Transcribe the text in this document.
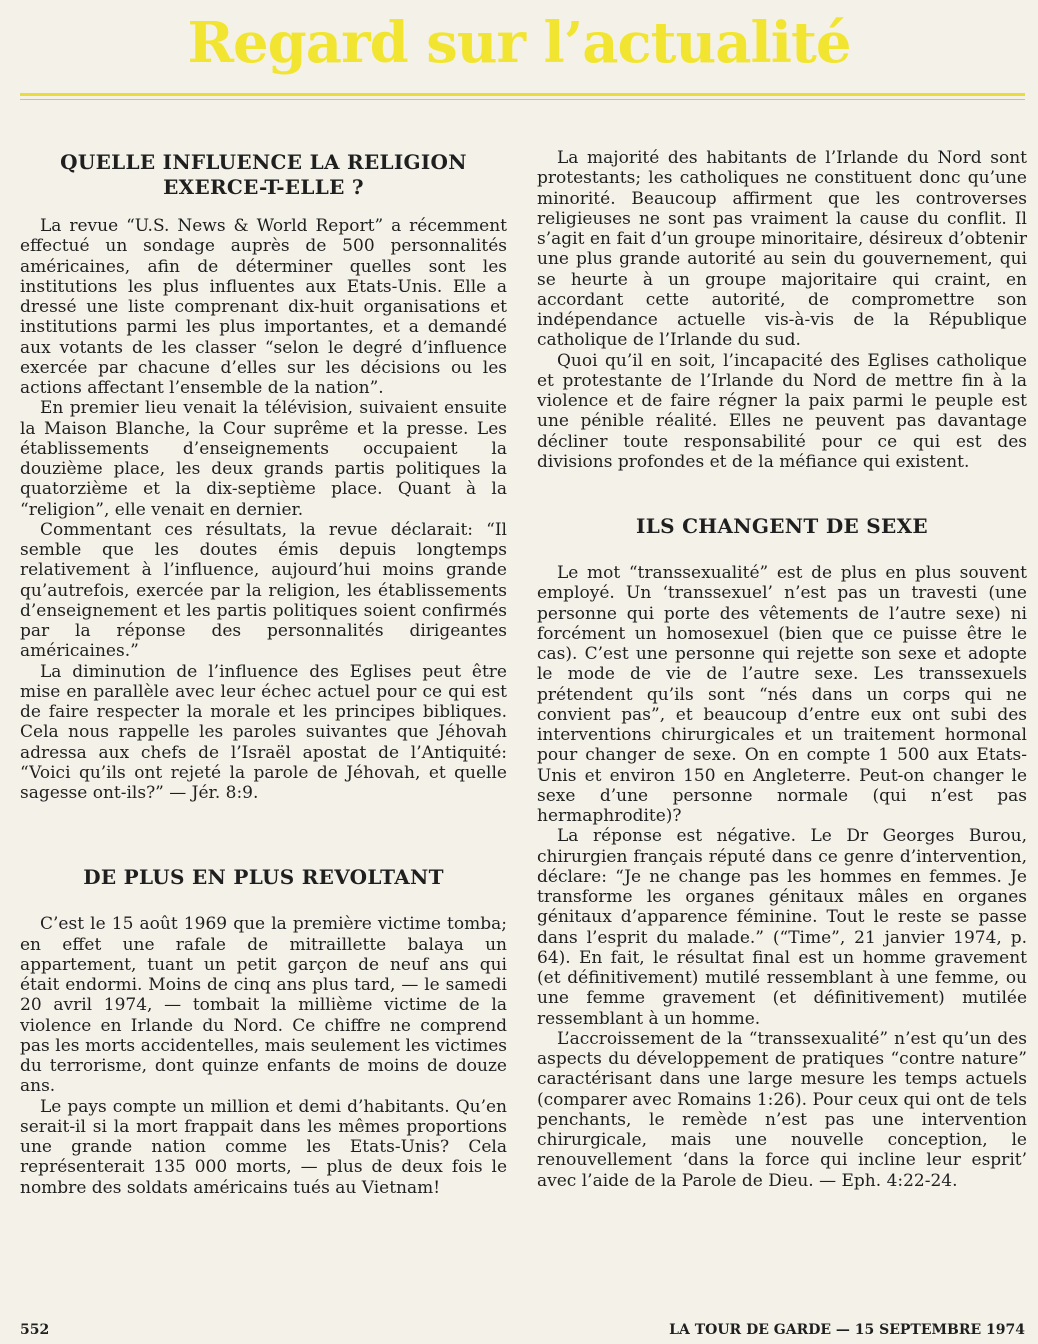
Regard sur l’actualité
QUELLE INFLUENCE LA RELIGION EXERCE-T-ELLE ?

La revue “U.S. News & World Report” a récemment effectué un sondage auprès de 500 personnalités américaines, afin de déterminer quelles sont les institutions les plus influentes aux Etats-Unis. Elle a dressé une liste comprenant dix-huit organisations et institutions parmi les plus importantes, et a demandé aux votants de les classer “selon le degré d’influence exercée par chacune d’elles sur les décisions ou les actions affectant l’ensemble de la nation”.

En premier lieu venait la télévision, suivaient ensuite la Maison Blanche, la Cour suprême et la presse. Les établissements d’enseignements occupaient la douzième place, les deux grands partis politiques la quatorzième et la dix-septième place. Quant à la “religion”, elle venait en dernier.

Commentant ces résultats, la revue déclarait: “Il semble que les doutes émis depuis longtemps relativement à l’influence, aujourd’hui moins grande qu’autrefois, exercée par la religion, les établissements d’enseignement et les partis politiques soient confirmés par la réponse des personnalités dirigeantes américaines.”

La diminution de l’influence des Eglises peut être mise en parallèle avec leur échec actuel pour ce qui est de faire respecter la morale et les principes bibliques. Cela nous rappelle les paroles suivantes que Jéhovah adressa aux chefs de l’Israël apostat de l’Antiquité: “Voici qu’ils ont rejeté la parole de Jéhovah, et quelle sagesse ont-ils?” — Jér. 8:9.

DE PLUS EN PLUS REVOLTANT

C’est le 15 août 1969 que la première victime tomba; en effet une rafale de mitraillette balaya un appartement, tuant un petit garçon de neuf ans qui était endormi. Moins de cinq ans plus tard, — le samedi 20 avril 1974, — tombait la millième victime de la violence en Irlande du Nord. Ce chiffre ne comprend pas les morts accidentelles, mais seulement les victimes du terrorisme, dont quinze enfants de moins de douze ans.

Le pays compte un million et demi d’habitants. Qu’en serait-il si la mort frappait dans les mêmes proportions une grande nation comme les Etats-Unis? Cela représenterait 135 000 morts, — plus de deux fois le nombre des soldats américains tués au Vietnam!

La majorité des habitants de l’Irlande du Nord sont protestants; les catholiques ne constituent donc qu’une minorité. Beaucoup affirment que les controverses religieuses ne sont pas vraiment la cause du conflit. Il s’agit en fait d’un groupe minoritaire, désireux d’obtenir une plus grande autorité au sein du gouvernement, qui se heurte à un groupe majoritaire qui craint, en accordant cette autorité, de compromettre son indépendance actuelle vis-à-vis de la République catholique de l’Irlande du sud.

Quoi qu’il en soit, l’incapacité des Eglises catholique et protestante de l’Irlande du Nord de mettre fin à la violence et de faire régner la paix parmi le peuple est une pénible réalité. Elles ne peuvent pas davantage décliner toute responsabilité pour ce qui est des divisions profondes et de la méfiance qui existent.

ILS CHANGENT DE SEXE

Le mot “transsexualité” est de plus en plus souvent employé. Un ‘transsexuel’ n’est pas un travesti (une personne qui porte des vêtements de l’autre sexe) ni forcément un homosexuel (bien que ce puisse être le cas). C’est une personne qui rejette son sexe et adopte le mode de vie de l’autre sexe. Les transsexuels prétendent qu’ils sont “nés dans un corps qui ne convient pas”, et beaucoup d’entre eux ont subi des interventions chirurgicales et un traitement hormonal pour changer de sexe. On en compte 1 500 aux Etats-Unis et environ 150 en Angleterre. Peut-on changer le sexe d’une personne normale (qui n’est pas hermaphrodite)?

La réponse est négative. Le Dr Georges Burou, chirurgien français réputé dans ce genre d’intervention, déclare: “Je ne change pas les hommes en femmes. Je transforme les organes génitaux mâles en organes génitaux d’apparence féminine. Tout le reste se passe dans l’esprit du malade.” (“Time”, 21 janvier 1974, p. 64). En fait, le résultat final est un homme gravement (et définitivement) mutilé ressemblant à une femme, ou une femme gravement (et définitivement) mutilée ressemblant à un homme.

L’accroissement de la “transsexualité” n’est qu’un des aspects du développement de pratiques “contre nature” caractérisant dans une large mesure les temps actuels (comparer avec Romains 1:26). Pour ceux qui ont de tels penchants, le remède n’est pas une intervention chirurgicale, mais une nouvelle conception, le renouvellement ‘dans la force qui incline leur esprit’ avec l’aide de la Parole de Dieu. — Eph. 4:22-24.

552	LA TOUR DE GARDE — 15 SEPTEMBRE 1974
